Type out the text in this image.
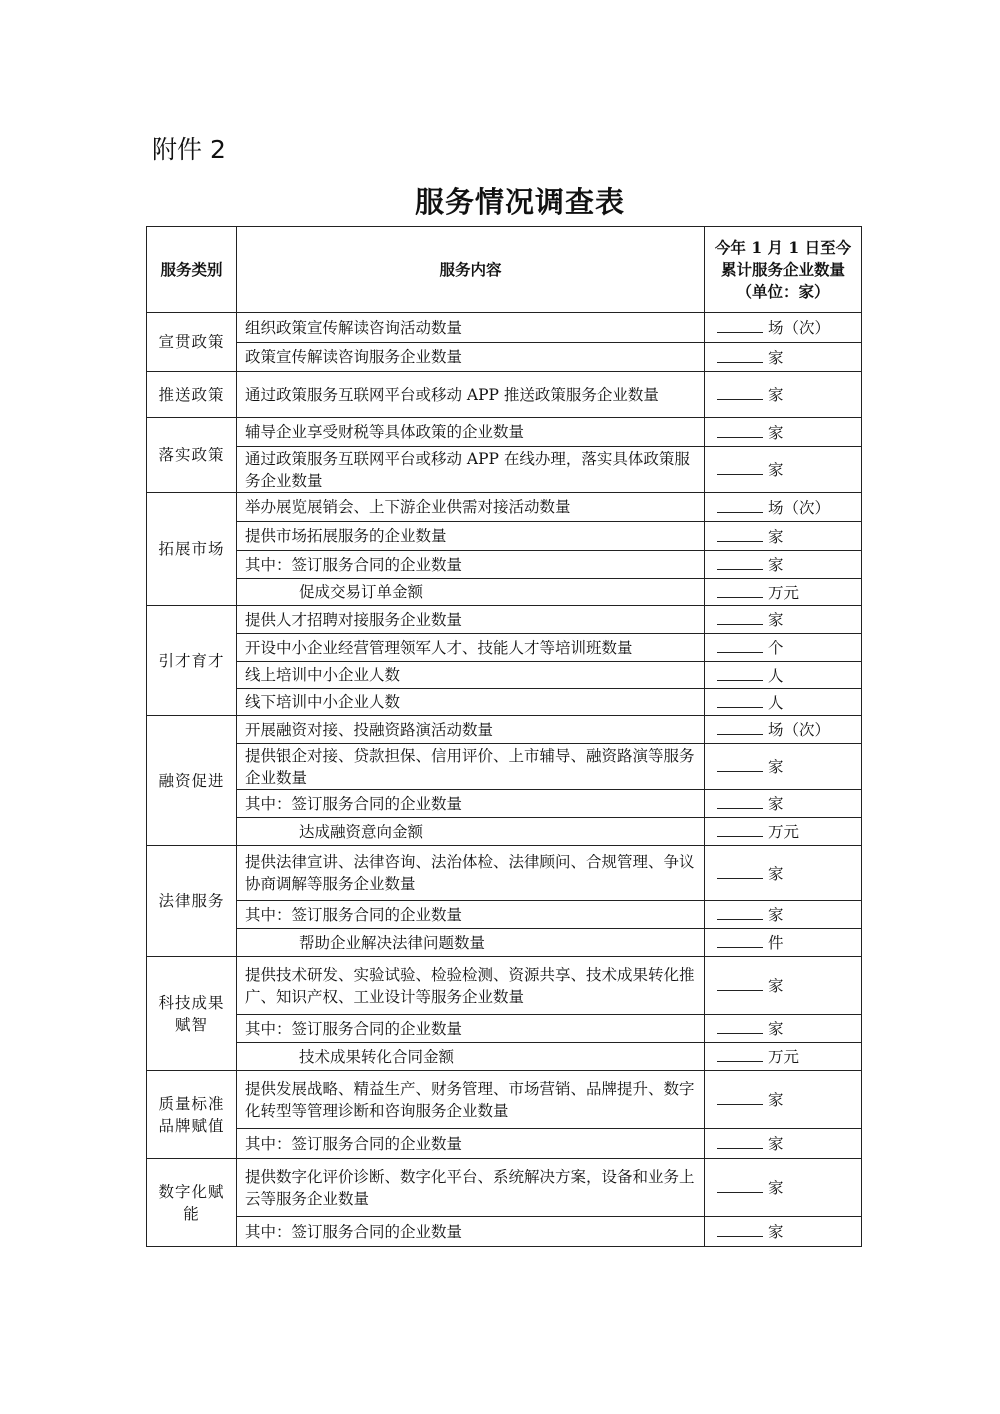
附件 2
服务情况调查表
服务类别	服务内容	今年 1 月 1 日至今累计服务企业数量（单位：家）
宣贯政策	组织政策宣传解读咨询活动数量	场（次）
	政策宣传解读咨询服务企业数量	家
推送政策	通过政策服务互联网平台或移动 APP 推送政策服务企业数量	家
落实政策	辅导企业享受财税等具体政策的企业数量	家
	通过政策服务互联网平台或移动 APP 在线办理，落实具体政策服务企业数量	家
拓展市场	举办展览展销会、上下游企业供需对接活动数量	场（次）
	提供市场拓展服务的企业数量	家
	其中：签订服务合同的企业数量	家
	促成交易订单金额	万元
引才育才	提供人才招聘对接服务企业数量	家
	开设中小企业经营管理领军人才、技能人才等培训班数量	个
	线上培训中小企业人数	人
	线下培训中小企业人数	人
融资促进	开展融资对接、投融资路演活动数量	场（次）
	提供银企对接、贷款担保、信用评价、上市辅导、融资路演等服务企业数量	家
	其中：签订服务合同的企业数量	家
	达成融资意向金额	万元
法律服务	提供法律宣讲、法律咨询、法治体检、法律顾问、合规管理、争议协商调解等服务企业数量	家
	其中：签订服务合同的企业数量	家
	帮助企业解决法律问题数量	件
科技成果赋智	提供技术研发、实验试验、检验检测、资源共享、技术成果转化推广、知识产权、工业设计等服务企业数量	家
	其中：签订服务合同的企业数量	家
	技术成果转化合同金额	万元
质量标准品牌赋值	提供发展战略、精益生产、财务管理、市场营销、品牌提升、数字化转型等管理诊断和咨询服务企业数量	家
	其中：签订服务合同的企业数量	家
数字化赋能	提供数字化评价诊断、数字化平台、系统解决方案，设备和业务上云等服务企业数量	家
	其中：签订服务合同的企业数量	家
